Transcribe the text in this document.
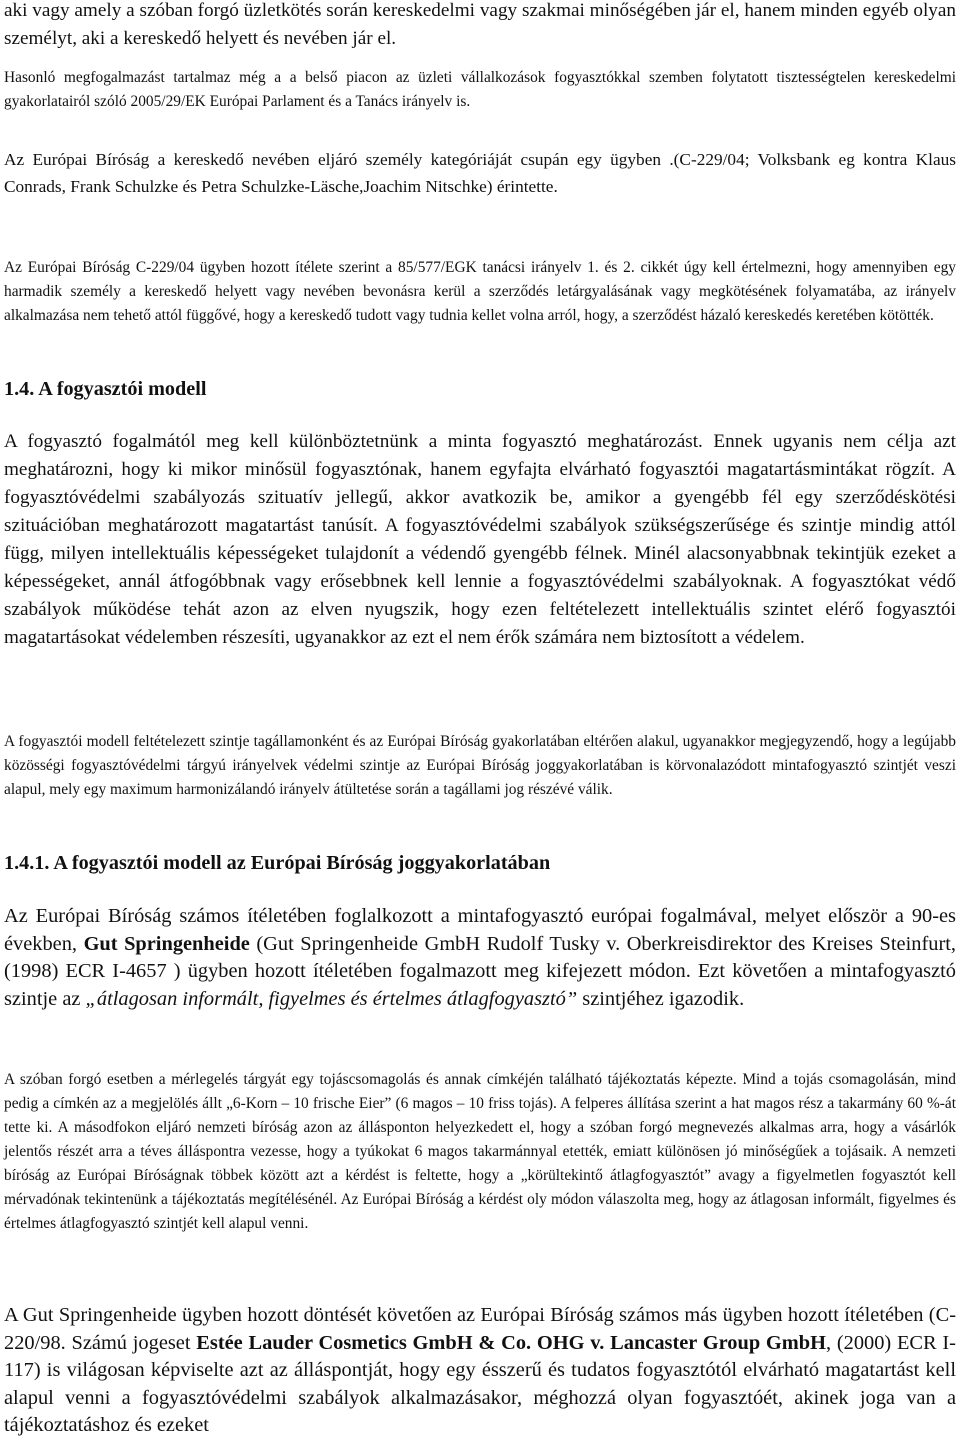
aki vagy amely a szóban forgó üzletkötés során kereskedelmi vagy szakmai minőségében jár el, hanem minden egyéb olyan személyt, aki a kereskedő helyett és nevében jár el.

Hasonló megfogalmazást tartalmaz még a a belső piacon az üzleti vállalkozások fogyasztókkal szemben folytatott tisztességtelen kereskedelmi gyakorlatairól szóló 2005/29/EK Európai Parlament és a Tanács irányelv is.

Az Európai Bíróság a kereskedő nevében eljáró személy kategóriáját csupán egy ügyben .(C-229/04; Volksbank eg kontra Klaus Conrads, Frank Schulzke és Petra Schulzke-Läsche,Joachim Nitschke) érintette.

Az Európai Bíróság C-229/04 ügyben hozott ítélete szerint a 85/577/EGK tanácsi irányelv 1. és 2. cikkét úgy kell értelmezni, hogy amennyiben egy harmadik személy a kereskedő helyett vagy nevében bevonásra kerül a szerződés letárgyalásának vagy megkötésének folyamatába, az irányelv alkalmazása nem tehető attól függővé, hogy a kereskedő tudott vagy tudnia kellet volna arról, hogy, a szerződést házaló kereskedés keretében kötötték.

1.4. A fogyasztói modell

A fogyasztó fogalmától meg kell különböztetnünk a minta fogyasztó meghatározást. Ennek ugyanis nem célja azt meghatározni, hogy ki mikor minősül fogyasztónak, hanem egyfajta elvárható fogyasztói magatartásmintákat rögzít. A fogyasztóvédelmi szabályozás szituatív jellegű, akkor avatkozik be, amikor a gyengébb fél egy szerződéskötési szituációban meghatározott magatartást tanúsít. A fogyasztóvédelmi szabályok szükségszerűsége és szintje mindig attól függ, milyen intellektuális képességeket tulajdonít a védendő gyengébb félnek. Minél alacsonyabbnak tekintjük ezeket a képességeket, annál átfogóbbnak vagy erősebbnek kell lennie a fogyasztóvédelmi szabályoknak. A fogyasztókat védő szabályok működése tehát azon az elven nyugszik, hogy ezen feltételezett intellektuális szintet elérő fogyasztói magatartásokat védelemben részesíti, ugyanakkor az ezt el nem érők számára nem biztosított a védelem.

A fogyasztói modell feltételezett szintje tagállamonként és az Európai Bíróság gyakorlatában eltérően alakul, ugyanakkor megjegyzendő, hogy a legújabb közösségi fogyasztóvédelmi tárgyú irányelvek védelmi szintje az Európai Bíróság joggyakorlatában is körvonalazódott mintafogyasztó szintjét veszi alapul, mely egy maximum harmonizálandó irányelv átültetése során a tagállami jog részévé válik.

1.4.1. A fogyasztói modell az Európai Bíróság joggyakorlatában

Az Európai Bíróság számos ítéletében foglalkozott a mintafogyasztó európai fogalmával, melyet először a 90-es években, Gut Springenheide (Gut Springenheide GmbH Rudolf Tusky v. Oberkreisdirektor des Kreises Steinfurt, (1998) ECR I-4657 ) ügyben hozott ítéletében fogalmazott meg kifejezett módon. Ezt követően a mintafogyasztó szintje az „átlagosan informált, figyelmes és értelmes átlagfogyasztó” szintjéhez igazodik.

A szóban forgó esetben a mérlegelés tárgyát egy tojáscsomagolás és annak címkéjén található tájékoztatás képezte. Mind a tojás csomagolásán, mind pedig a címkén az a megjelölés állt „6-Korn – 10 frische Eier” (6 magos – 10 friss tojás). A felperes állítása szerint a hat magos rész a takarmány 60 %-át tette ki. A másodfokon eljáró nemzeti bíróság azon az állásponton helyezkedett el, hogy a szóban forgó megnevezés alkalmas arra, hogy a vásárlók jelentős részét arra a téves álláspontra vezesse, hogy a tyúkokat 6 magos takarmánnyal etették, emiatt különösen jó minőségűek a tojásaik. A nemzeti bíróság az Európai Bíróságnak többek között azt a kérdést is feltette, hogy a „körültekintő átlagfogyasztót” avagy a figyelmetlen fogyasztót kell mérvadónak tekintenünk a tájékoztatás megítélésénél. Az Európai Bíróság a kérdést oly módon válaszolta meg, hogy az átlagosan informált, figyelmes és értelmes átlagfogyasztó szintjét kell alapul venni.

A Gut Springenheide ügyben hozott döntését követően az Európai Bíróság számos más ügyben hozott ítéletében (C-220/98. Számú jogeset Estée Lauder Cosmetics GmbH & Co. OHG v. Lancaster Group GmbH, (2000) ECR I-117) is világosan képviselte azt az álláspontját, hogy egy ésszerű és tudatos fogyasztótól elvárható magatartást kell alapul venni a fogyasztóvédelmi szabályok alkalmazásakor, méghozzá olyan fogyasztóét, akinek joga van a tájékoztatáshoz és ezeket
